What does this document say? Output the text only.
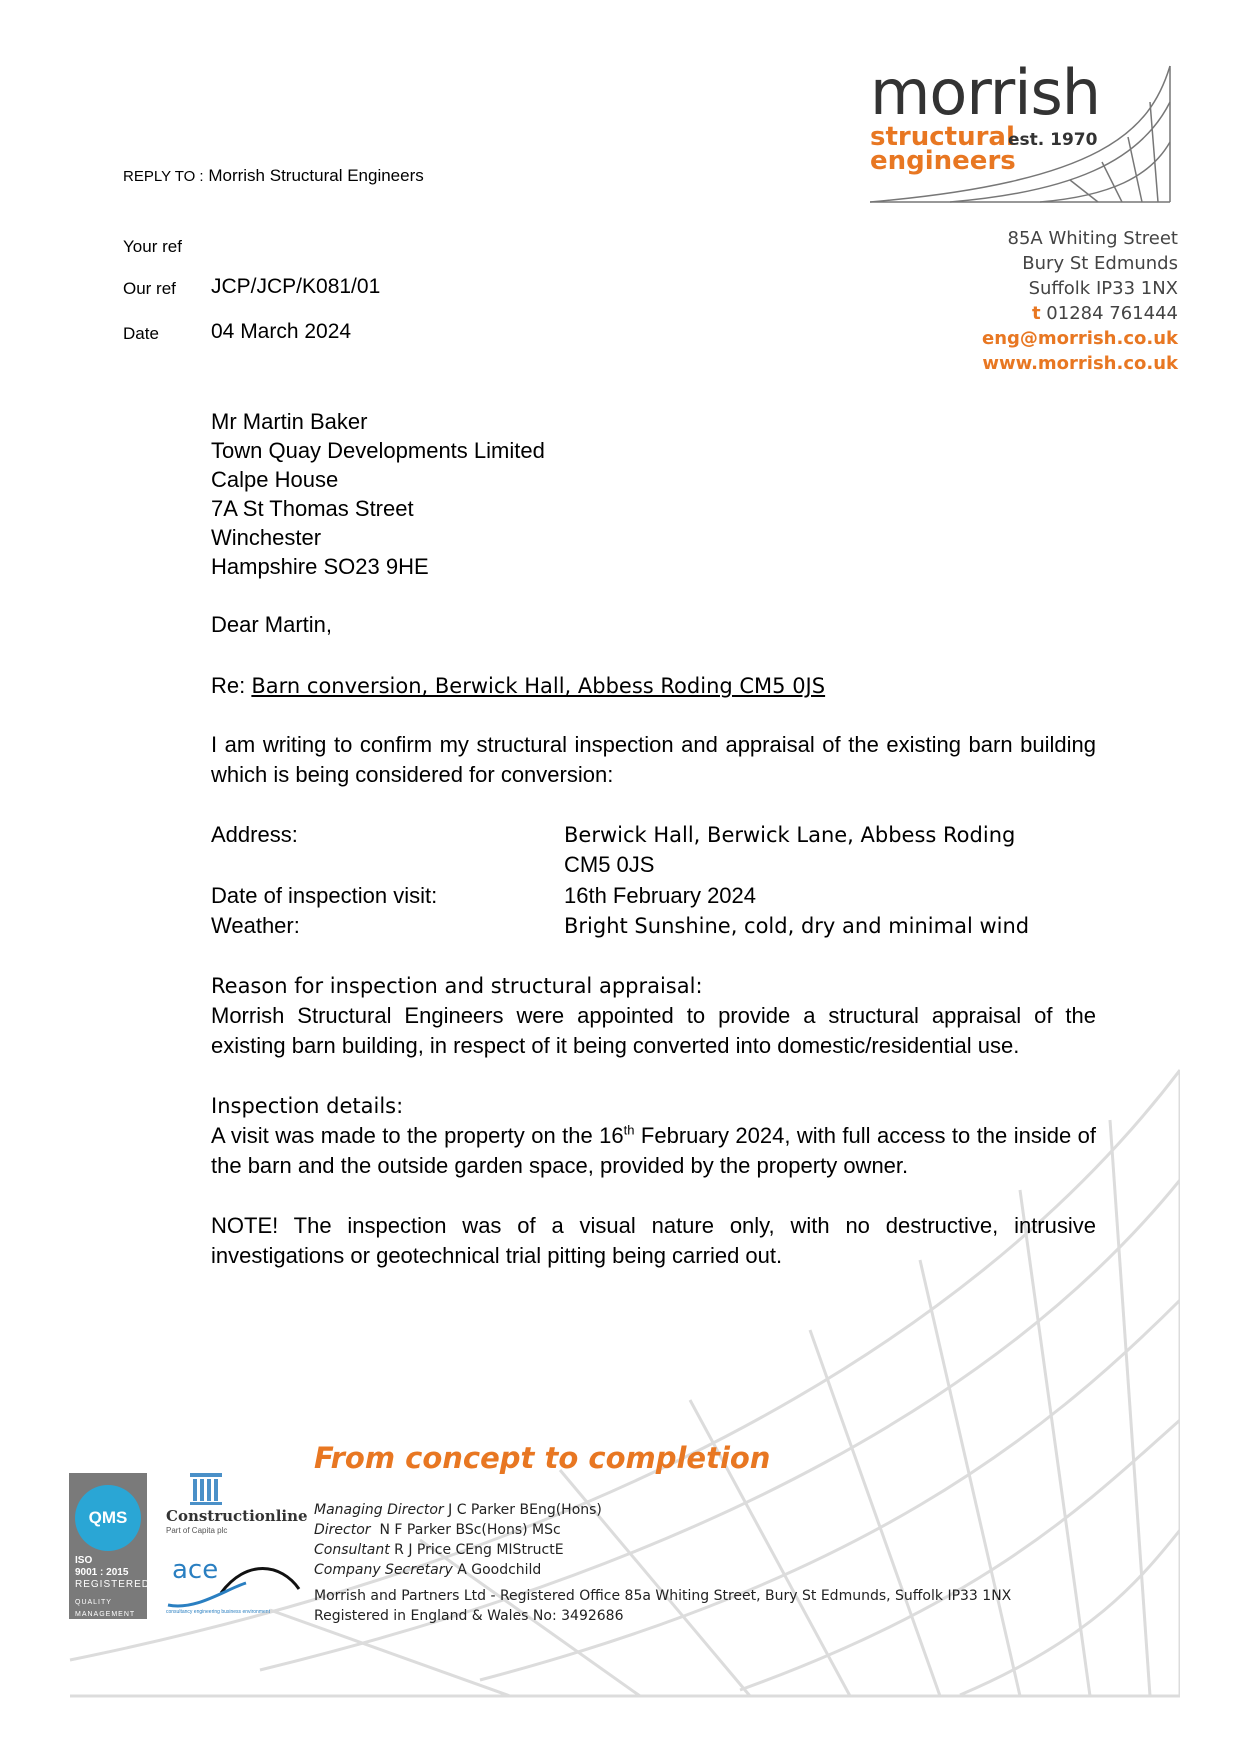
morrish
structural
engineers
est. 1970
REPLY TO : Morrish Structural Engineers
Your ref
Our ref JCP/JCP/K081/01
Date 04 March 2024
85A Whiting Street
Bury St Edmunds
Suffolk IP33 1NX
t 01284 761444
eng@morrish.co.uk
www.morrish.co.uk
Mr Martin Baker
Town Quay Developments Limited
Calpe House
7A St Thomas Street
Winchester
Hampshire SO23 9HE
Dear Martin,
Re: Barn conversion, Berwick Hall, Abbess Roding CM5 0JS
I am writing to confirm my structural inspection and appraisal of the existing barn building which is being considered for conversion:
Address:	Berwick Hall, Berwick Lane, Abbess Roding
CM5 0JS
Date of inspection visit:	16th February 2024
Weather:	Bright Sunshine, cold, dry and minimal wind
Reason for inspection and structural appraisal:
Morrish Structural Engineers were appointed to provide a structural appraisal of the existing barn building, in respect of it being converted into domestic/residential use.
Inspection details:
A visit was made to the property on the 16th February 2024, with full access to the inside of the barn and the outside garden space, provided by the property owner.
NOTE! The inspection was of a visual nature only, with no destructive, intrusive investigations or geotechnical trial pitting being carried out.
From concept to completion
QMS
ISO
9001 : 2015
REGISTERED
QUALITY
MANAGEMENT
Constructionline
Part of Capita plc
ace
consultancy engineering business environment
Managing Director J C Parker BEng(Hons)
Director N F Parker BSc(Hons) MSc
Consultant R J Price CEng MIStructE
Company Secretary A Goodchild
Morrish and Partners Ltd - Registered Office 85a Whiting Street, Bury St Edmunds, Suffolk IP33 1NX
Registered in England & Wales No: 3492686
